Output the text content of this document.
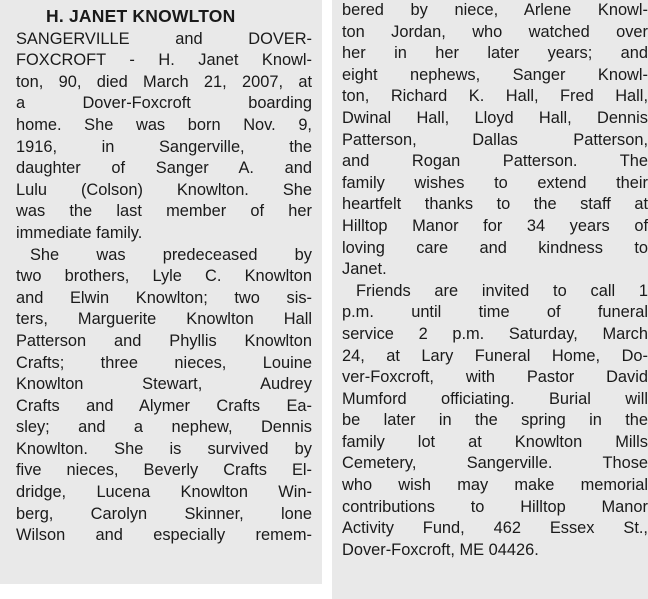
H. JANET KNOWLTON
SANGERVILLE and DOVER-
FOXCROFT - H. Janet Knowl-
ton, 90, died March 21, 2007, at
a Dover-Foxcroft boarding
home. She was born Nov. 9,
1916, in Sangerville, the
daughter of Sanger A. and
Lulu (Colson) Knowlton. She
was the last member of her
immediate family.
She was predeceased by
two brothers, Lyle C. Knowlton
and Elwin Knowlton; two sis-
ters, Marguerite Knowlton Hall
Patterson and Phyllis Knowlton
Crafts; three nieces, Louine
Knowlton Stewart, Audrey
Crafts and Alymer Crafts Ea-
sley; and a nephew, Dennis
Knowlton. She is survived by
five nieces, Beverly Crafts El-
dridge, Lucena Knowlton Win-
berg, Carolyn Skinner, lone
Wilson and especially remem-
bered by niece, Arlene Knowl-
ton Jordan, who watched over
her in her later years; and
eight nephews, Sanger Knowl-
ton, Richard K. Hall, Fred Hall,
Dwinal Hall, Lloyd Hall, Dennis
Patterson, Dallas Patterson,
and Rogan Patterson. The
family wishes to extend their
heartfelt thanks to the staff at
Hilltop Manor for 34 years of
loving care and kindness to
Janet.
Friends are invited to call 1
p.m. until time of funeral
service 2 p.m. Saturday, March
24, at Lary Funeral Home, Do-
ver-Foxcroft, with Pastor David
Mumford officiating. Burial will
be later in the spring in the
family lot at Knowlton Mills
Cemetery, Sangerville. Those
who wish may make memorial
contributions to Hilltop Manor
Activity Fund, 462 Essex St.,
Dover-Foxcroft, ME 04426.
